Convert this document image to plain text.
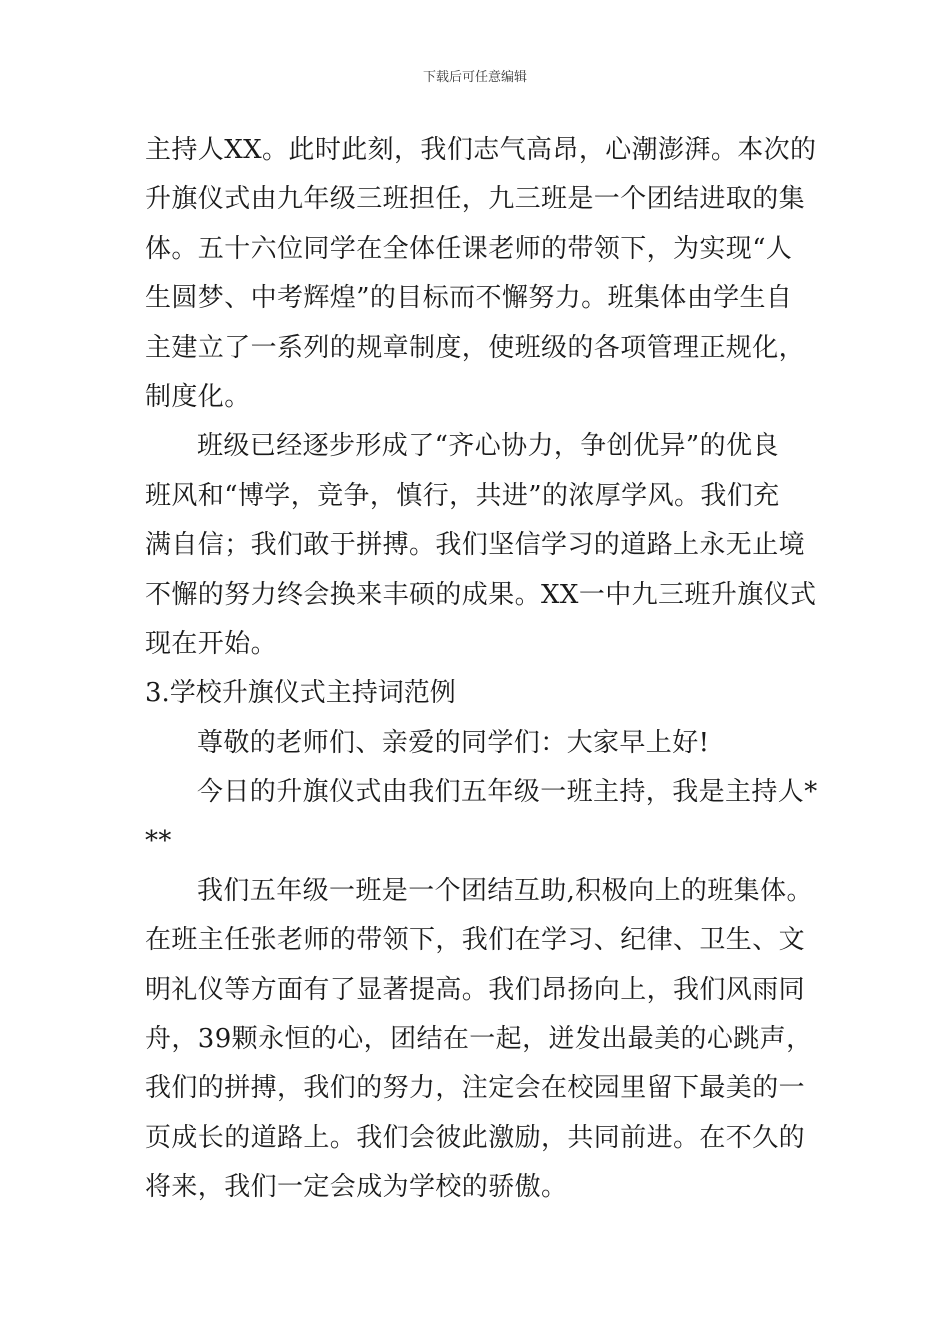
下载后可任意编辑
主持人XX。此时此刻，我们志气高昂，心潮澎湃。本次的
升旗仪式由九年级三班担任，九三班是一个团结进取的集
体。五十六位同学在全体任课老师的带领下，为实现“人
生圆梦、中考辉煌”的目标而不懈努力。班集体由学生自
主建立了一系列的规章制度，使班级的各项管理正规化，
制度化。
班级已经逐步形成了“齐心协力，争创优异”的优良
班风和“博学，竞争，慎行，共进”的浓厚学风。我们充
满自信；我们敢于拼搏。我们坚信学习的道路上永无止境
不懈的努力终会换来丰硕的成果。XX一中九三班升旗仪式
现在开始。
3.学校升旗仪式主持词范例
尊敬的老师们、亲爱的同学们：大家早上好!
今日的升旗仪式由我们五年级一班主持，我是主持人*
**
我们五年级一班是一个团结互助,积极向上的班集体。
在班主任张老师的带领下，我们在学习、纪律、卫生、文
明礼仪等方面有了显著提高。我们昂扬向上，我们风雨同
舟，39颗永恒的心，团结在一起，迸发出最美的心跳声，
我们的拼搏，我们的努力，注定会在校园里留下最美的一
页成长的道路上。我们会彼此激励，共同前进。在不久的
将来，我们一定会成为学校的骄傲。
